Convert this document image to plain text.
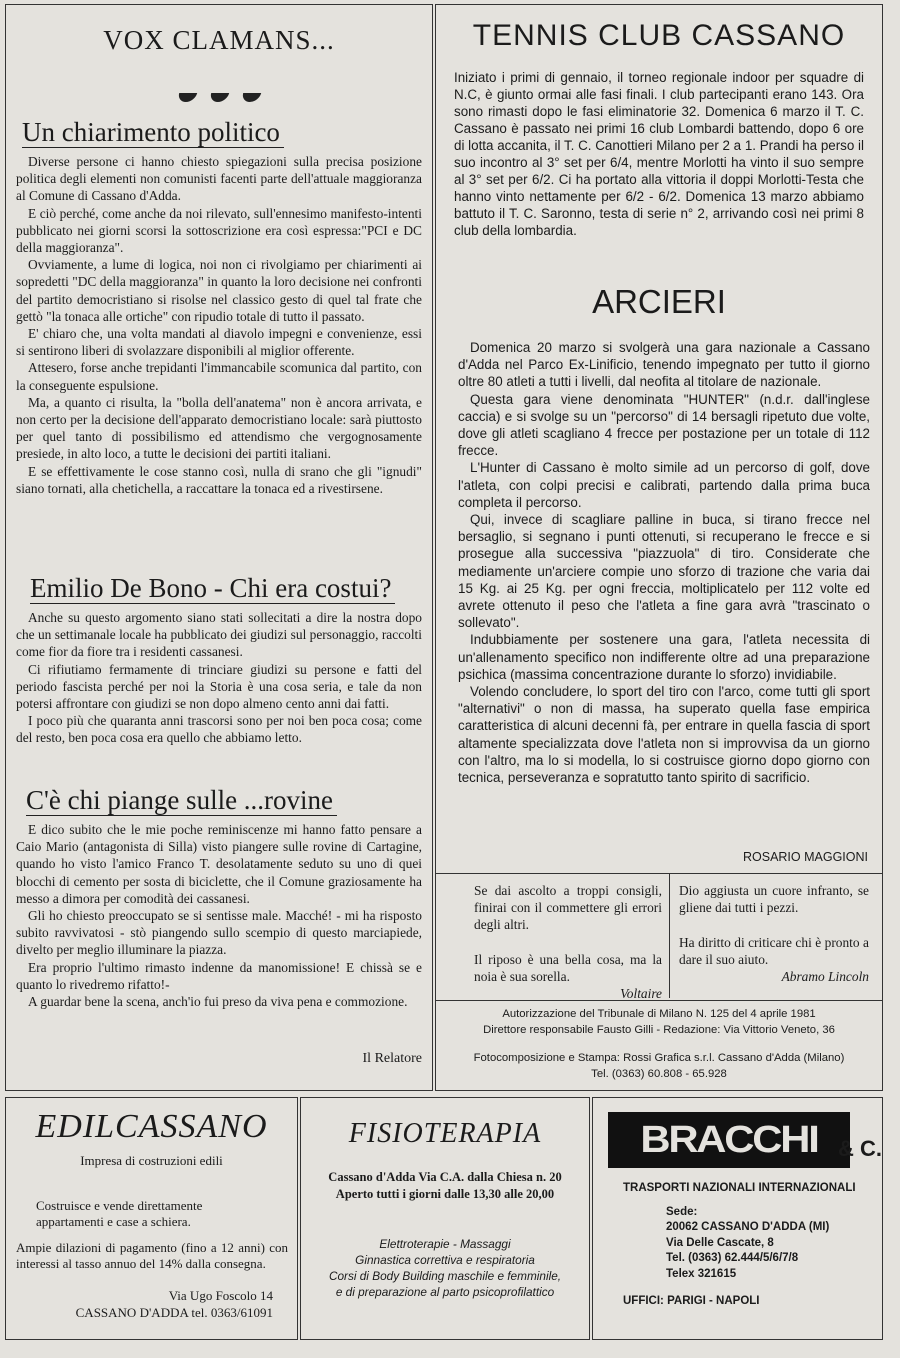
VOX CLAMANS...

Un chiarimento politico

Diverse persone ci hanno chiesto spiegazioni sulla precisa posizione politica degli elementi non comunisti facenti parte dell'attuale maggioranza al Comune di Cassano d'Adda.

E ciò perché, come anche da noi rilevato, sull'ennesimo manifesto-intenti pubblicato nei giorni scorsi la sottoscrizione era così espressa:"PCI e DC della maggioranza".

Ovviamente, a lume di logica, noi non ci rivolgiamo per chiarimenti ai sopredetti "DC della maggioranza" in quanto la loro decisione nei confronti del partito democristiano si risolse nel classico gesto di quel tal frate che gettò "la tonaca alle ortiche" con ripudio totale di tutto il passato.

E' chiaro che, una volta mandati al diavolo impegni e convenienze, essi si sentirono liberi di svolazzare disponibili al miglior offerente.

Attesero, forse anche trepidanti l'immancabile scomunica dal partito, con la conseguente espulsione.

Ma, a quanto ci risulta, la "bolla dell'anatema" non è ancora arrivata, e non certo per la decisione dell'apparato democristiano locale: sarà piuttosto per quel tanto di possibilismo ed attendismo che vergognosamente presiede, in alto loco, a tutte le decisioni dei partiti italiani.

E se effettivamente le cose stanno così, nulla di srano che gli "ignudi" siano tornati, alla chetichella, a raccattare la tonaca ed a rivestirsene.

Emilio De Bono - Chi era costui?

Anche su questo argomento siano stati sollecitati a dire la nostra dopo che un settimanale locale ha pubblicato dei giudizi sul personaggio, raccolti come fior da fiore tra i residenti cassanesi.

Ci rifiutiamo fermamente di trinciare giudizi su persone e fatti del periodo fascista perché per noi la Storia è una cosa seria, e tale da non potersi affrontare con giudizi se non dopo almeno cento anni dai fatti.

I poco più che quaranta anni trascorsi sono per noi ben poca cosa; come del resto, ben poca cosa era quello che abbiamo letto.

C'è chi piange sulle ...rovine

E dico subito che le mie poche reminiscenze mi hanno fatto pensare a Caio Mario (antagonista di Silla) visto piangere sulle rovine di Cartagine, quando ho visto l'amico Franco T. desolatamente seduto su uno di quei blocchi di cemento per sosta di biciclette, che il Comune graziosamente ha messo a dimora per comodità dei cassanesi.

Gli ho chiesto preoccupato se si sentisse male. Macché! - mi ha risposto subito ravvivatosi - stò piangendo sullo scempio di questo marciapiede, divelto per meglio illuminare la piazza.

Era proprio l'ultimo rimasto indenne da manomissione! E chissà se e quanto lo rivedremo rifatto!-

A guardar bene la scena, anch'io fui preso da viva pena e commozione.

Il Relatore
TENNIS CLUB CASSANO
Iniziato i primi di gennaio, il torneo regionale indoor per squadre di N.C, è giunto ormai alle fasi finali. I club partecipanti erano 143. Ora sono rimasti dopo le fasi eliminatorie 32. Domenica 6 marzo il T. C. Cassano è passato nei primi 16 club Lombardi battendo, dopo 6 ore di lotta accanita, il T. C. Canottieri Milano per 2 a 1. Prandi ha perso il suo incontro al 3° set per 6/4, mentre Morlotti ha vinto il suo sempre al 3° set per 6/2. Ci ha portato alla vittoria il doppi Morlotti-Testa che hanno vinto nettamente per 6/2 - 6/2. Domenica 13 marzo abbiamo battuto il T. C. Saronno, testa di serie n° 2, arrivando così nei primi 8 club della lombardia.
ARCIERI

Domenica 20 marzo si svolgerà una gara nazionale a Cassano d'Adda nel Parco Ex-Linificio, tenendo impegnato per tutto il giorno oltre 80 atleti a tutti i livelli, dal neofita al titolare de nazionale.

Questa gara viene denominata "HUNTER" (n.d.r. dall'inglese caccia) e si svolge su un "percorso" di 14 bersagli ripetuto due volte, dove gli atleti scagliano 4 frecce per postazione per un totale di 112 frecce.

L'Hunter di Cassano è molto simile ad un percorso di golf, dove l'atleta, con colpi precisi e calibrati, partendo dalla prima buca completa il percorso.

Qui, invece di scagliare palline in buca, si tirano frecce nel bersaglio, si segnano i punti ottenuti, si recuperano le frecce e si prosegue alla successiva "piazzuola" di tiro. Considerate che mediamente un'arciere compie uno sforzo di trazione che varia dai 15 Kg. ai 25 Kg. per ogni freccia, moltiplicatelo per 112 volte ed avrete ottenuto il peso che l'atleta a fine gara avrà "trascinato o sollevato".

Indubbiamente per sostenere una gara, l'atleta necessita di un'allenamento specifico non indifferente oltre ad una preparazione psichica (massima concentrazione durante lo sforzo) invidiabile.

Volendo concludere, lo sport del tiro con l'arco, come tutti gli sport "alternativi" o non di massa, ha superato quella fase empirica caratteristica di alcuni decenni fà, per entrare in quella fascia di sport altamente specializzata dove l'atleta non si improvvisa da un giorno con l'altro, ma lo si modella, lo si costruisce giorno dopo giorno con tecnica, perseveranza e sopratutto tanto spirito di sacrificio.

ROSARIO MAGGIONI

Se dai ascolto a troppi consigli, finirai con il commettere gli errori degli altri.

Il riposo è una bella cosa, ma la noia è sua sorella.

Voltaire

Dio aggiusta un cuore infranto, se gliene dai tutti i pezzi.

Ha diritto di criticare chi è pronto a dare il suo aiuto.

Abramo Lincoln
Autorizzazione del Tribunale di Milano N. 125 del 4 aprile 1981
Direttore responsabile Fausto Gilli - Redazione: Via Vittorio Veneto, 36
Fotocomposizione e Stampa: Rossi Grafica s.r.l. Cassano d'Adda (Milano)
Tel. (0363) 60.808 - 65.928
EDILCASSANO
Impresa di costruzioni edili
Costruisce e vende direttamente appartamenti e case a schiera.
Ampie dilazioni di pagamento (fino a 12 anni) con interessi al tasso annuo del 14% dalla consegna.
Via Ugo Foscolo 14
CASSANO D'ADDA tel. 0363/61091
FISIOTERAPIA
Cassano d'Adda Via C.A. dalla Chiesa n. 20
Aperto tutti i giorni dalle 13,30 alle 20,00
Elettroterapie - Massaggi
Ginnastica correttiva e respiratoria
Corsi di Body Building maschile e femminile,
e di preparazione al parto psicoprofilattico
BRACCHI & C.
TRASPORTI NAZIONALI INTERNAZIONALI
Sede:
20062 CASSANO D'ADDA (MI)
Via Delle Cascate, 8
Tel. (0363) 62.444/5/6/7/8
Telex 321615
UFFICI: PARIGI - NAPOLI
